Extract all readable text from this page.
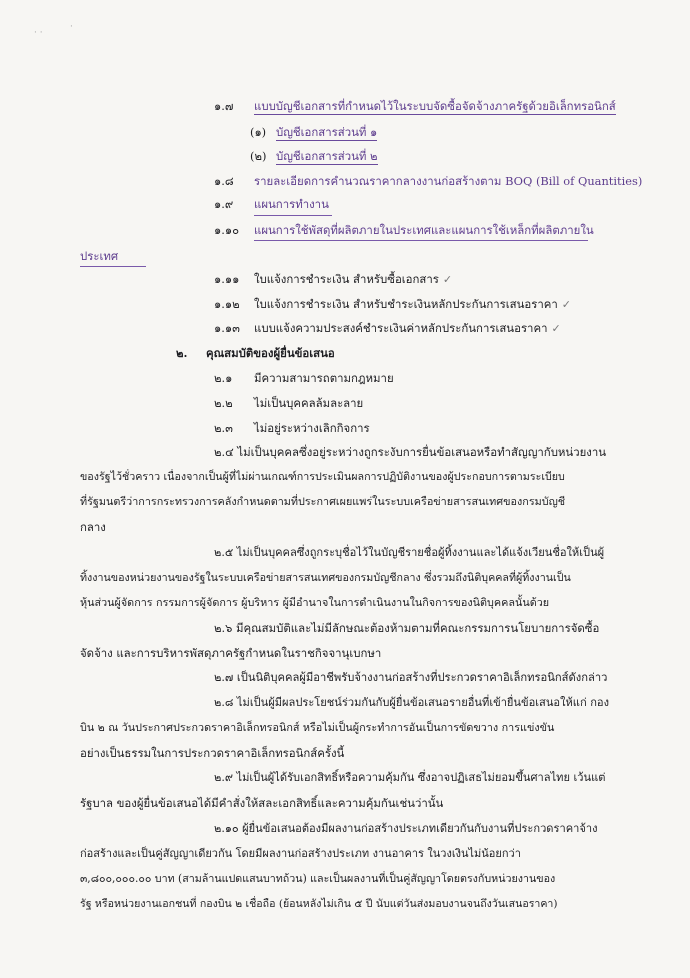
· ·
·
๑.๗ แบบบัญชีเอกสารที่กำหนดไว้ในระบบจัดซื้อจัดจ้างภาครัฐด้วยอิเล็กทรอนิกส์
(๑) บัญชีเอกสารส่วนที่ ๑
(๒) บัญชีเอกสารส่วนที่ ๒
๑.๘ รายละเอียดการคำนวณราคากลางงานก่อสร้างตาม BOQ (Bill of Quantities)
๑.๙ แผนการทำงาน
๑.๑๐ แผนการใช้พัสดุที่ผลิตภายในประเทศและแผนการใช้เหล็กที่ผลิตภายใน
ประเทศ
๑.๑๑ ใบแจ้งการชำระเงิน สำหรับซื้อเอกสาร ✓
๑.๑๒ ใบแจ้งการชำระเงิน สำหรับชำระเงินหลักประกันการเสนอราคา ✓
๑.๑๓ แบบแจ้งความประสงค์ชำระเงินค่าหลักประกันการเสนอราคา ✓
๒. คุณสมบัติของผู้ยื่นข้อเสนอ
๒.๑ มีความสามารถตามกฎหมาย
๒.๒ ไม่เป็นบุคคลล้มละลาย
๒.๓ ไม่อยู่ระหว่างเลิกกิจการ
๒.๔ ไม่เป็นบุคคลซึ่งอยู่ระหว่างถูกระงับการยื่นข้อเสนอหรือทำสัญญากับหน่วยงาน
ของรัฐไว้ชั่วคราว เนื่องจากเป็นผู้ที่ไม่ผ่านเกณฑ์การประเมินผลการปฏิบัติงานของผู้ประกอบการตามระเบียบ
ที่รัฐมนตรีว่าการกระทรวงการคลังกำหนดตามที่ประกาศเผยแพร่ในระบบเครือข่ายสารสนเทศของกรมบัญชี
กลาง
๒.๕ ไม่เป็นบุคคลซึ่งถูกระบุชื่อไว้ในบัญชีรายชื่อผู้ทิ้งงานและได้แจ้งเวียนชื่อให้เป็นผู้
ทิ้งงานของหน่วยงานของรัฐในระบบเครือข่ายสารสนเทศของกรมบัญชีกลาง ซึ่งรวมถึงนิติบุคคลที่ผู้ทิ้งงานเป็น
หุ้นส่วนผู้จัดการ กรรมการผู้จัดการ ผู้บริหาร ผู้มีอำนาจในการดำเนินงานในกิจการของนิติบุคคลนั้นด้วย
๒.๖ มีคุณสมบัติและไม่มีลักษณะต้องห้ามตามที่คณะกรรมการนโยบายการจัดซื้อ
จัดจ้าง และการบริหารพัสดุภาครัฐกำหนดในราชกิจจานุเบกษา
๒.๗ เป็นนิติบุคคลผู้มีอาชีพรับจ้างงานก่อสร้างที่ประกวดราคาอิเล็กทรอนิกส์ดังกล่าว
๒.๘ ไม่เป็นผู้มีผลประโยชน์ร่วมกันกับผู้ยื่นข้อเสนอรายอื่นที่เข้ายื่นข้อเสนอให้แก่ กอง
บิน ๒ ณ วันประกาศประกวดราคาอิเล็กทรอนิกส์ หรือไม่เป็นผู้กระทำการอันเป็นการขัดขวาง การแข่งขัน
อย่างเป็นธรรมในการประกวดราคาอิเล็กทรอนิกส์ครั้งนี้
๒.๙ ไม่เป็นผู้ได้รับเอกสิทธิ์หรือความคุ้มกัน ซึ่งอาจปฏิเสธไม่ยอมขึ้นศาลไทย เว้นแต่
รัฐบาล ของผู้ยื่นข้อเสนอได้มีคำสั่งให้สละเอกสิทธิ์และความคุ้มกันเช่นว่านั้น
๒.๑๐ ผู้ยื่นข้อเสนอต้องมีผลงานก่อสร้างประเภทเดียวกันกับงานที่ประกวดราคาจ้าง
ก่อสร้างและเป็นคู่สัญญาเดียวกัน โดยมีผลงานก่อสร้างประเภท งานอาคาร ในวงเงินไม่น้อยกว่า
๓,๘๐๐,๐๐๐.๐๐ บาท (สามล้านแปดแสนบาทถ้วน) และเป็นผลงานที่เป็นคู่สัญญาโดยตรงกับหน่วยงานของ
รัฐ หรือหน่วยงานเอกชนที่ กองบิน ๒ เชื่อถือ (ย้อนหลังไม่เกิน ๕ ปี นับแต่วันส่งมอบงานจนถึงวันเสนอราคา)
